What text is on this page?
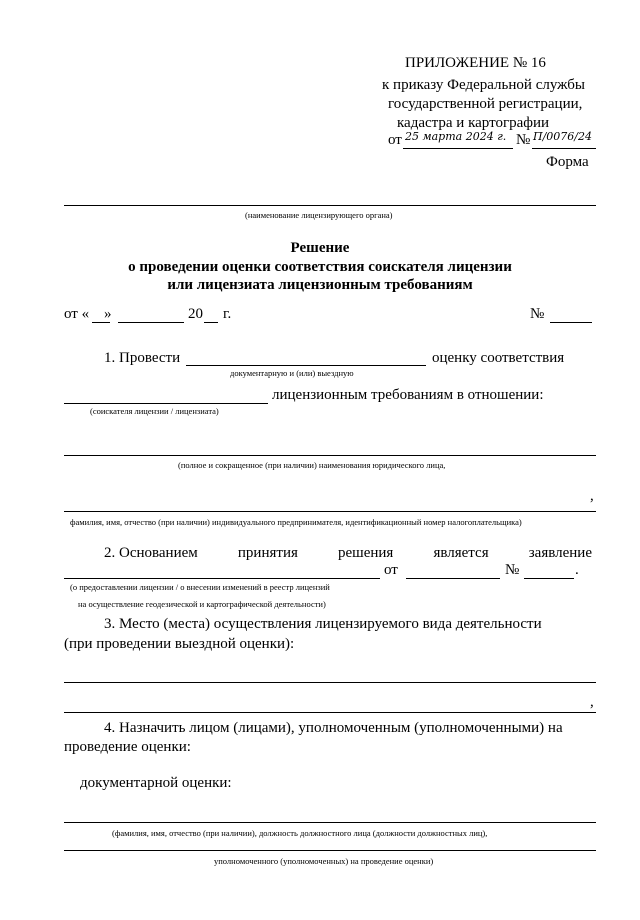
ПРИЛОЖЕНИЕ № 16
к приказу Федеральной службы
государственной регистрации,
кадастра и картографии
от 25 марта 2024 г. № П/0076/24
Форма
(наименование лицензирующего органа)
Решение
о проведении оценки соответствия соискателя лицензии
или лицензиата лицензионным требованиям
от « »	20 г.	№
1. Провести	оценку соответствия
документарную и (или) выездную
лицензионным требованиям в отношении:
(соискателя лицензии / лицензиата)
(полное и сокращенное (при наличии) наименования юридического лица,
,
фамилия, имя, отчество (при наличии) индивидуального предпринимателя, идентификационный номер налогоплательщика)
2. Основанием	принятия	решения	является	заявление
от	№	.
(о предоставлении лицензии / о внесении изменений в реестр лицензий
на осуществление геодезической и картографической деятельности)
3. Место (места) осуществления лицензируемого вида деятельности
(при проведении выездной оценки):
,
4. Назначить лицом (лицами), уполномоченным (уполномоченными) на
проведение оценки:
документарной оценки:
(фамилия, имя, отчество (при наличии), должность должностного лица (должности должностных лиц),
уполномоченного (уполномоченных) на проведение оценки)
